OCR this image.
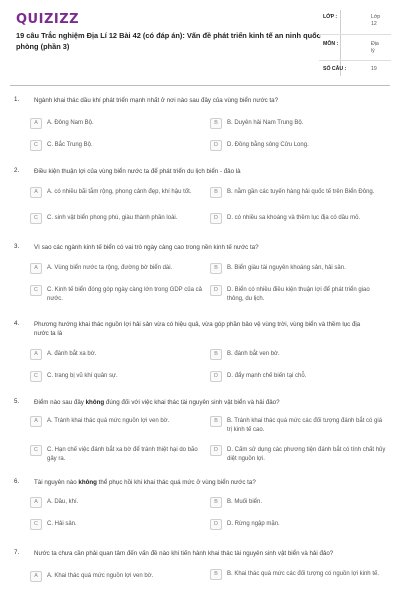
QUIZIZZ
19 câu Trắc nghiệm Địa Lí 12 Bài 42 (có đáp án): Vấn đề phát triển kinh tế an ninh quốc phòng (phần 3)
LỚP :	Lớp 12
MÔN :	Địa lý
SỐ CÂU :	19
1. Ngành khai thác dầu khí phát triển mạnh nhất ở nơi nào sau đây của vùng biển nước ta?
A	A. Đông Nam Bộ.	B	B. Duyên hải Nam Trung Bộ.
C	C. Bắc Trung Bộ.	D	D. Đồng bằng sông Cửu Long.
2. Điều kiện thuận lợi của vùng biển nước ta để phát triển du lịch biển - đảo là
A	A. có nhiều bãi tắm rộng, phong cảnh đẹp, khí hậu tốt.	B	B. nằm gần các tuyến hàng hải quốc tế trên Biển Đông.
C	C. sinh vật biển phong phú, giàu thành phần loài.	D	D. có nhiều sa khoáng và thềm lục địa có dầu mỏ.
3. Vì sao các ngành kinh tế biển có vai trò ngày càng cao trong nền kinh tế nước ta?
A	A. Vùng biển nước ta rộng, đường bờ biển dài.	B	B. Biển giàu tài nguyên khoáng sản, hải sản.
C	C. Kinh tế biển đóng góp ngày càng lớn trong GDP của cả nước.
D	D. Biển có nhiều điều kiện thuận lợi để phát triển giao thông, du lịch.
4. Phương hướng khai thác nguồn lợi hải sản vừa có hiệu quả, vừa góp phần bảo vệ vùng trời, vùng biển và thềm lục địa nước ta là
A	A. đánh bắt xa bờ.	B	B. đánh bắt ven bờ.
C	C. trang bị vũ khí quân sự.	D	D. đẩy mạnh chế biến tại chỗ.
5. Điểm nào sau đây không đúng đối với việc khai thác tài nguyên sinh vật biển và hải đảo?
A	A. Tránh khai thác quá mức nguồn lợi ven bờ.	B	B. Tránh khai thác quá mức các đối tượng đánh bắt có giá trị kinh tế cao.
C	C. Hạn chế việc đánh bắt xa bờ để tránh thiệt hại do bão gây ra.
D	D. Cấm sử dụng các phương tiện đánh bắt có tính chất hủy diệt nguồn lợi.
6. Tài nguyên nào không thể phục hồi khi khai thác quá mức ở vùng biển nước ta?
A	A. Dầu, khí.	B	B. Muối biển.
C	C. Hải sản.	D	D. Rừng ngập mặn.
7. Nước ta chưa cần phải quan tâm đến vấn đề nào khi tiến hành khai thác tài nguyên sinh vật biển và hải đảo?
A	A. Khai thác quá mức nguồn lợi ven bờ.	B	B. Khai thác quá mức các đối tượng có nguồn lợi kinh tế.
